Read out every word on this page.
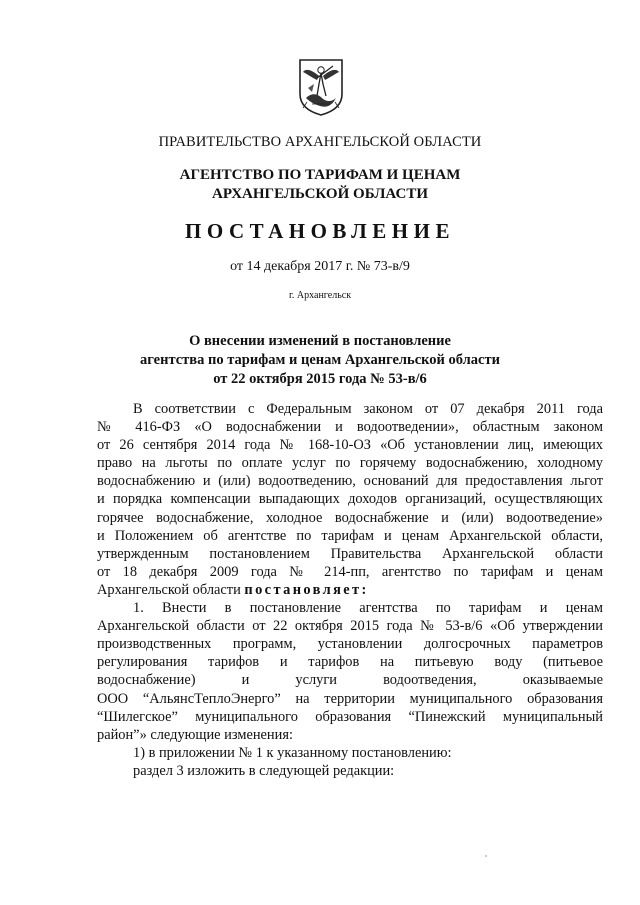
ПРАВИТЕЛЬСТВО АРХАНГЕЛЬСКОЙ ОБЛАСТИ
АГЕНТСТВО ПО ТАРИФАМ И ЦЕНАМ
АРХАНГЕЛЬСКОЙ ОБЛАСТИ
ПОСТАНОВЛЕНИЕ
от 14 декабря 2017 г. № 73-в/9
г. Архангельск
О внесении изменений в постановление
агентства по тарифам и ценам Архангельской области
от 22 октября 2015 года № 53-в/6

В соответствии с Федеральным законом от 07 декабря 2011 года

№ 416-ФЗ «О водоснабжении и водоотведении», областным законом

от 26 сентября 2014 года № 168-10-ОЗ «Об установлении лиц, имеющих

право на льготы по оплате услуг по горячему водоснабжению, холодному

водоснабжению и (или) водоотведению, оснований для предоставления льгот

и порядка компенсации выпадающих доходов организаций, осуществляющих

горячее водоснабжение, холодное водоснабжение и (или) водоотведение»

и Положением об агентстве по тарифам и ценам Архангельской области,

утвержденным постановлением Правительства Архангельской области

от 18 декабря 2009 года № 214-пп, агентство по тарифам и ценам

Архангельской области постановляет:

1. Внести в постановление агентства по тарифам и ценам

Архангельской области от 22 октября 2015 года № 53-в/6 «Об утверждении

производственных программ, установлении долгосрочных параметров

регулирования тарифов и тарифов на питьевую воду (питьевое

водоснабжение)	и	услуги	водоотведения,	оказываемые

ООО “АльянсТеплоЭнерго” на территории муниципального образования

“Шилегское” муниципального образования “Пинежский муниципальный

район”» следующие изменения:

1) в приложении № 1 к указанному постановлению:

раздел 3 изложить в следующей редакции:
